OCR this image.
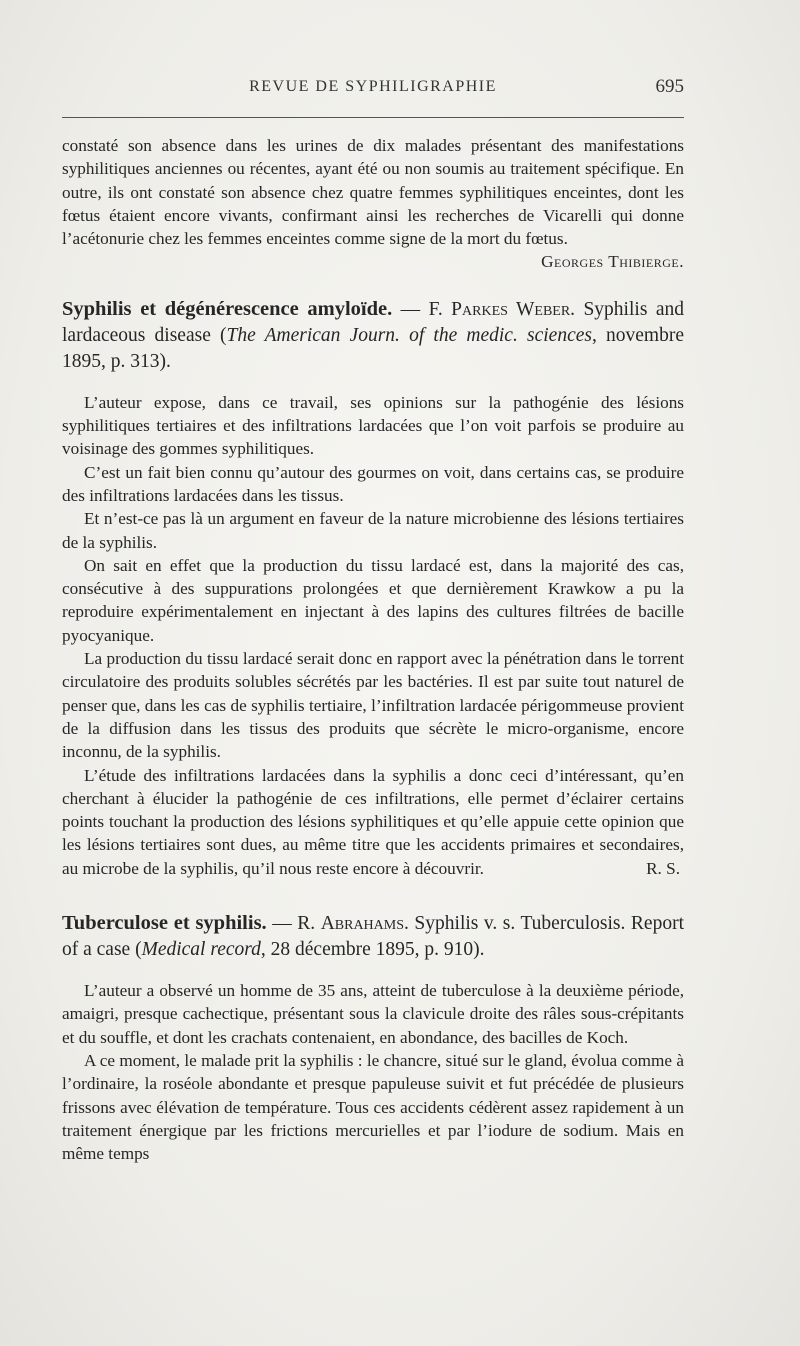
REVUE DE SYPHILIGRAPHIE	695

constaté son absence dans les urines de dix malades présentant des manifestations syphilitiques anciennes ou récentes, ayant été ou non soumis au traitement spécifique. En outre, ils ont constaté son absence chez quatre femmes syphilitiques enceintes, dont les fœtus étaient encore vivants, confirmant ainsi les recherches de Vicarelli qui donne l’acétonurie chez les femmes enceintes comme signe de la mort du fœtus.

Georges Thibierge.

Syphilis et dégénérescence amyloïde. — F. Parkes Weber. Syphilis and lardaceous disease (The American Journ. of the medic. sciences, novembre 1895, p. 313).

L’auteur expose, dans ce travail, ses opinions sur la pathogénie des lésions syphilitiques tertiaires et des infiltrations lardacées que l’on voit parfois se produire au voisinage des gommes syphilitiques.

C’est un fait bien connu qu’autour des gourmes on voit, dans certains cas, se produire des infiltrations lardacées dans les tissus.

Et n’est-ce pas là un argument en faveur de la nature microbienne des lésions tertiaires de la syphilis.

On sait en effet que la production du tissu lardacé est, dans la majorité des cas, consécutive à des suppurations prolongées et que dernièrement Krawkow a pu la reproduire expérimentalement en injectant à des lapins des cultures filtrées de bacille pyocyanique.

La production du tissu lardacé serait donc en rapport avec la pénétration dans le torrent circulatoire des produits solubles sécrétés par les bactéries. Il est par suite tout naturel de penser que, dans les cas de syphilis tertiaire, l’infiltration lardacée périgommeuse provient de la diffusion dans les tissus des produits que sécrète le micro-organisme, encore inconnu, de la syphilis.

L’étude des infiltrations lardacées dans la syphilis a donc ceci d’intéressant, qu’en cherchant à élucider la pathogénie de ces infiltrations, elle permet d’éclairer certains points touchant la production des lésions syphilitiques et qu’elle appuie cette opinion que les lésions tertiaires sont dues, au même titre que les accidents primaires et secondaires, au microbe de la syphilis, qu’il nous reste encore à découvrir.	R. S.

Tuberculose et syphilis. — R. Abrahams. Syphilis v. s. Tuberculosis. Report of a case (Medical record, 28 décembre 1895, p. 910).

L’auteur a observé un homme de 35 ans, atteint de tuberculose à la deuxième période, amaigri, presque cachectique, présentant sous la clavicule droite des râles sous-crépitants et du souffle, et dont les crachats contenaient, en abondance, des bacilles de Koch.

A ce moment, le malade prit la syphilis : le chancre, situé sur le gland, évolua comme à l’ordinaire, la roséole abondante et presque papuleuse suivit et fut précédée de plusieurs frissons avec élévation de température. Tous ces accidents cédèrent assez rapidement à un traitement énergique par les frictions mercurielles et par l’iodure de sodium. Mais en même temps
